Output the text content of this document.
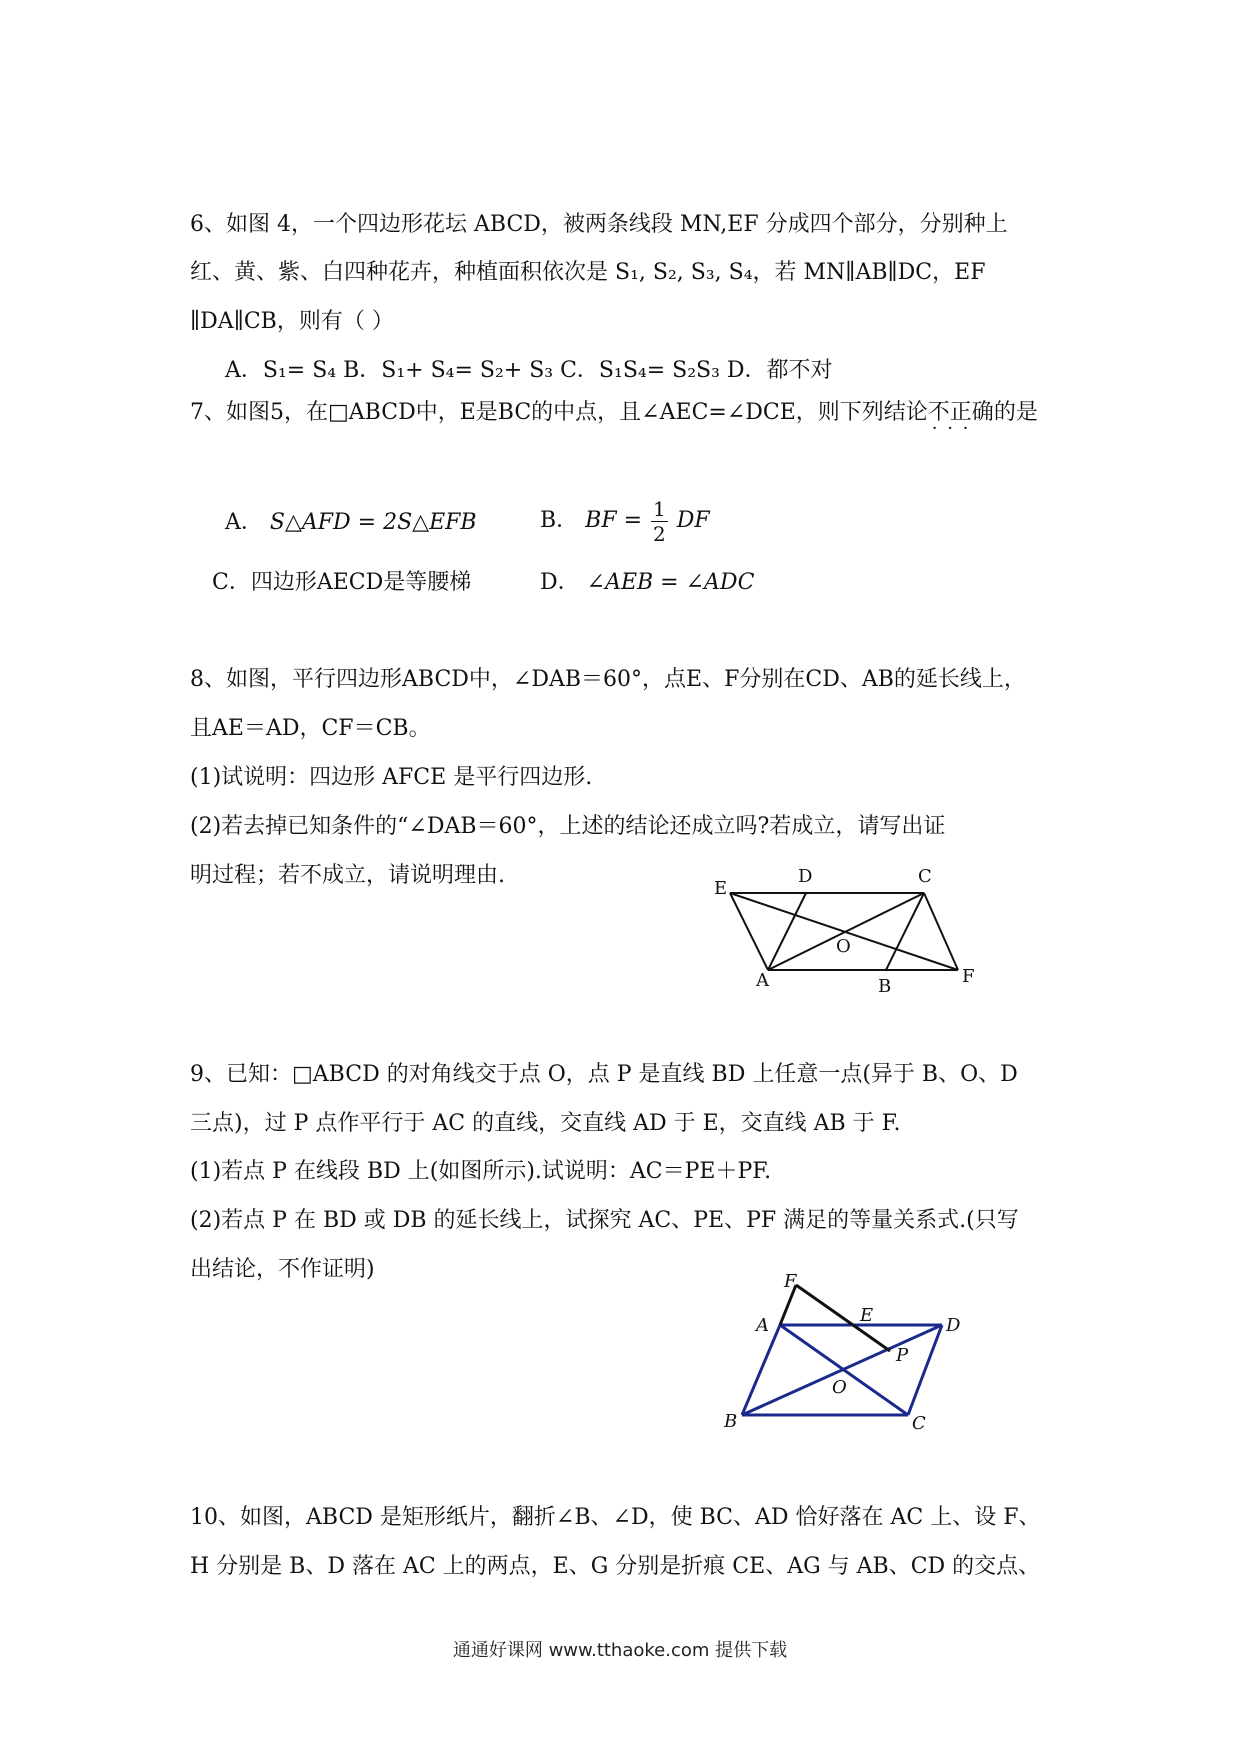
6、如图 4，一个四边形花坛 ABCD，被两条线段 MN,EF 分成四个部分，分别种上
红、黄、紫、白四种花卉，种植面积依次是 S₁, S₂, S₃, S₄，若 MN∥AB∥DC，EF
∥DA∥CB，则有（ ）
A．S₁= S₄ B．S₁+ S₄= S₂+ S₃ C．S₁S₄= S₂S₃ D．都不对
7、如图5，在□ABCD中，E是BC的中点，且∠AEC=∠DCE，则下列结论不正确 · · ·的是
A． S△AFD = 2S△EFB	B． BF = $\frac{1}{2}$ DF
C．四边形AECD是等腰梯	D． ∠AEB = ∠ADC
8、如图，平行四边形ABCD中，∠DAB＝60°，点E、F分别在CD、AB的延长线上，
且AE＝AD，CF＝CB。
(1)试说明：四边形 AFCE 是平行四边形.
(2)若去掉已知条件的“∠DAB＝60°，上述的结论还成立吗?若成立，请写出证
明过程；若不成立，请说明理由.
E
D	C
O
A	B	F
9、已知：□ABCD 的对角线交于点 O，点 P 是直线 BD 上任意一点(异于 B、O、D
三点)，过 P 点作平行于 AC 的直线，交直线 AD 于 E，交直线 AB 于 F.
(1)若点 P 在线段 BD 上(如图所示).试说明：AC＝PE＋PF.
(2)若点 P 在 BD 或 DB 的延长线上，试探究 AC、PE、PF 满足的等量关系式.(只写
出结论，不作证明)	F
E
A	D
P
O
B	C
10、如图，ABCD 是矩形纸片，翻折∠B、∠D，使 BC、AD 恰好落在 AC 上、设 F、
H 分别是 B、D 落在 AC 上的两点，E、G 分别是折痕 CE、AG 与 AB、CD 的交点、
通通好课网 www.tthaoke.com 提供下载
